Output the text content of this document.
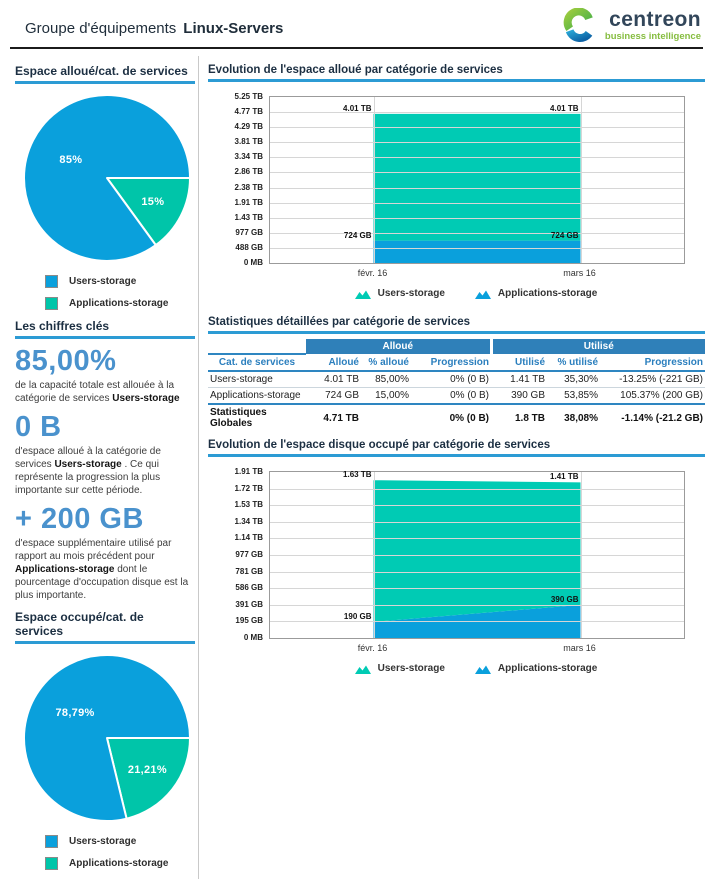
Groupe d'équipements Linux-Servers	centreon
business intelligence
Espace alloué/cat. de services
15%
85%
Users-storage
Applications-storage
Les chiffres clés
85,00%
de la capacité totale est allouée à la catégorie de services Users-storage
0 B
d'espace alloué à la catégorie de services Users-storage . Ce qui représente la progression la plus importante sur cette période.
+ 200 GB
d'espace supplémentaire utilisé par rapport au mois précédent pour Applications-storage dont le pourcentage d'occupation disque est la plus importante.
Espace occupé/cat. de services
21,21%
78,79%
Users-storage
Applications-storage
Evolution de l'espace alloué par catégorie de services
5.25 TB
4.77 TB
4.29 TB
3.81 TB
3.34 TB
2.86 TB
2.38 TB
1.91 TB
1.43 TB
977 GB
488 GB
0 MB
724 GB	724 GB
4.01 TB	4.01 TB
févr. 16	mars 16
Users-storage	Applications-storage
Statistiques détaillées par catégorie de services
	Alloué			Utilisé		
Cat. de services	Alloué	% alloué	Progression	Utilisé	% utilisé	Progression
Users-storage	4.01 TB	85,00%	0% (0 B)	1.41 TB	35,30%	-13.25% (-221 GB)
Applications-storage	724 GB	15,00%	0% (0 B)	390 GB	53,85%	105.37% (200 GB)
Statistiques Globales	4.71 TB		0% (0 B)	1.8 TB	38,08%	-1.14% (-21.2 GB)
Evolution de l'espace disque occupé par catégorie de services
1.91 TB
1.72 TB
1.53 TB
1.34 TB
1.14 TB
977 GB
781 GB
586 GB
391 GB
195 GB
0 MB
190 GB
390 GB
1.63 TB	1.41 TB
févr. 16	mars 16
Users-storage	Applications-storage
